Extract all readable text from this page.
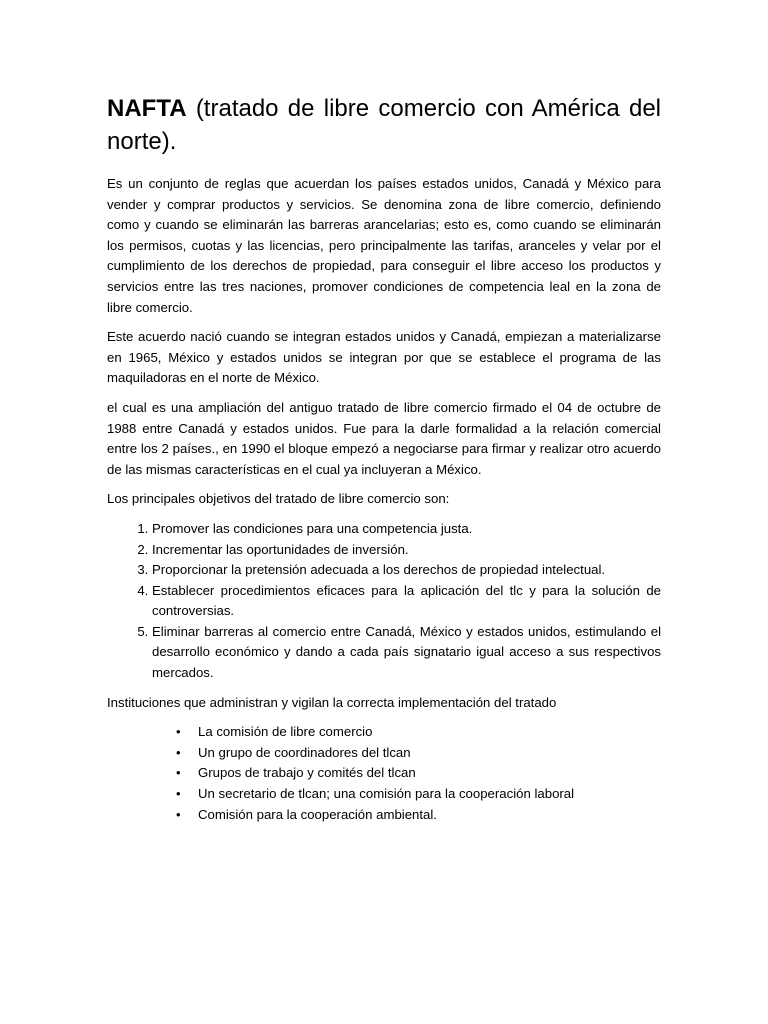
NAFTA (tratado de libre comercio con América del norte).

Es un conjunto de reglas que acuerdan los países estados unidos, Canadá y México para vender y comprar productos y servicios. Se denomina zona de libre comercio, definiendo como y cuando se eliminarán las barreras arancelarias; esto es, como cuando se eliminarán los permisos, cuotas y las licencias, pero principalmente las tarifas, aranceles y velar por el cumplimiento de los derechos de propiedad, para conseguir el libre acceso los productos y servicios entre las tres naciones, promover condiciones de competencia leal en la zona de libre comercio.

Este acuerdo nació cuando se integran estados unidos y Canadá, empiezan a materializarse en 1965, México y estados unidos se integran por que se establece el programa de las maquiladoras en el norte de México.

el cual es una ampliación del antiguo tratado de libre comercio firmado el 04 de octubre de 1988 entre Canadá y estados unidos. Fue para la darle formalidad a la relación comercial entre los 2 países., en 1990 el bloque empezó a negociarse para firmar y realizar otro acuerdo de las mismas características en el cual ya incluyeran a México.

Los principales objetivos del tratado de libre comercio son:

1. Promover las condiciones para una competencia justa.
2. Incrementar las oportunidades de inversión.
3. Proporcionar la pretensión adecuada a los derechos de propiedad intelectual.
4. Establecer procedimientos eficaces para la aplicación del tlc y para la solución de controversias.
5. Eliminar barreras al comercio entre Canadá, México y estados unidos, estimulando el desarrollo económico y dando a cada país signatario igual acceso a sus respectivos mercados.

Instituciones que administran y vigilan la correcta implementación del tratado

• La comisión de libre comercio
• Un grupo de coordinadores del tlcan
• Grupos de trabajo y comités del tlcan
• Un secretario de tlcan; una comisión para la cooperación laboral
• Comisión para la cooperación ambiental.
